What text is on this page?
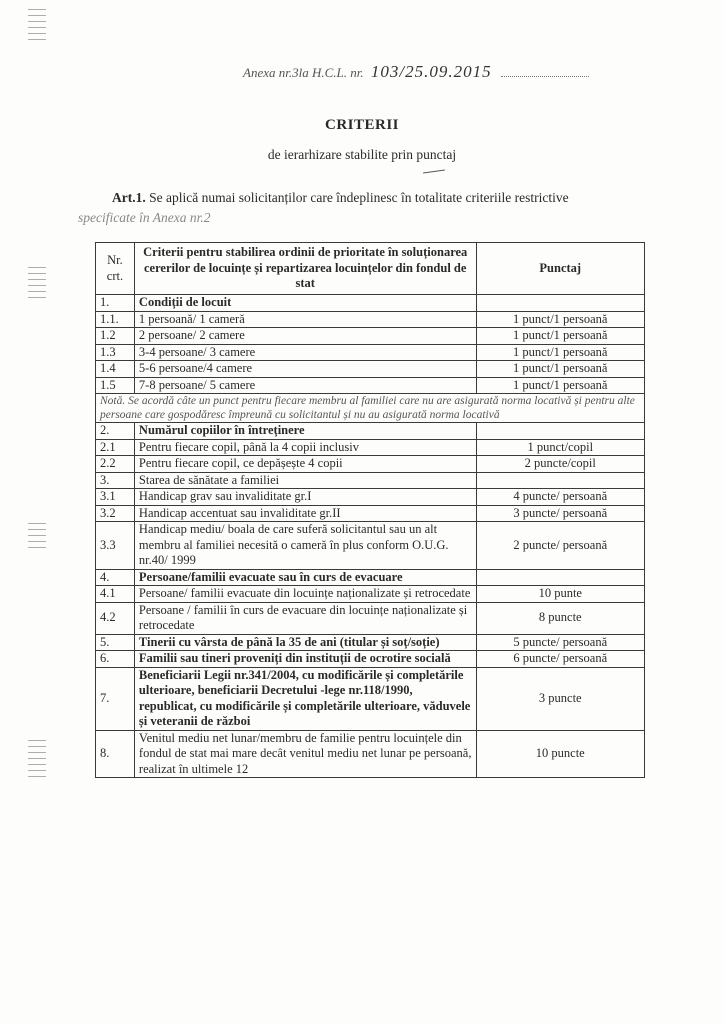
Anexa nr.3la H.C.L. nr. 103/25.09.2015
CRITERII
de ierarhizare stabilite prin punctaj
Art.1. Se aplică numai solicitanților care îndeplinesc în totalitate criteriile restrictive
specificate în Anexa nr.2
Nr. crt.	Criterii pentru stabilirea ordinii de prioritate în soluționarea cererilor de locuințe și repartizarea locuințelor din fondul de stat	Punctaj
1.	Condiții de locuit	
1.1.	1 persoană/ 1 cameră	1 punct/1 persoană
1.2	2 persoane/ 2 camere	1 punct/1 persoană
1.3	3-4 persoane/ 3 camere	1 punct/1 persoană
1.4	5-6 persoane/4 camere	1 punct/1 persoană
1.5	7-8 persoane/ 5 camere	1 punct/1 persoană
Notă. Se acordă câte un punct pentru fiecare membru al familiei care nu are asigurată norma locativă și pentru alte persoane care gospodăresc împreună cu solicitantul și nu au asigurată norma locativă		
2.	Numărul copiilor în întreținere	
2.1	Pentru fiecare copil, până la 4 copii inclusiv	1 punct/copil
2.2	Pentru fiecare copil, ce depășește 4 copii	2 puncte/copil
3.	Starea de sănătate a familiei	
3.1	Handicap grav sau invaliditate gr.I	4 puncte/ persoană
3.2	Handicap accentuat sau invaliditate gr.II	3 puncte/ persoană
3.3	Handicap mediu/ boala de care suferă solicitantul sau un alt membru al familiei necesită o cameră în plus conform O.U.G. nr.40/ 1999	2 puncte/ persoană
4.	Persoane/familii evacuate sau în curs de evacuare	
4.1	Persoane/ familii evacuate din locuințe naționalizate și retrocedate	10 punte
4.2	Persoane / familii în curs de evacuare din locuințe naționalizate și retrocedate	8 puncte
5.	Tinerii cu vârsta de până la 35 de ani (titular și soț/soție)	5 puncte/ persoană
6.	Familii sau tineri proveniți din instituții de ocrotire socială	6 puncte/ persoană
7.	Beneficiarii Legii nr.341/2004, cu modificările și completările ulterioare, beneficiarii Decretului -lege nr.118/1990, republicat, cu modificările și completările ulterioare, văduvele și veteranii de război	3 puncte
8.	Venitul mediu net lunar/membru de familie pentru locuințele din fondul de stat mai mare decât venitul mediu net lunar pe persoană, realizat în ultimele 12	10 puncte
